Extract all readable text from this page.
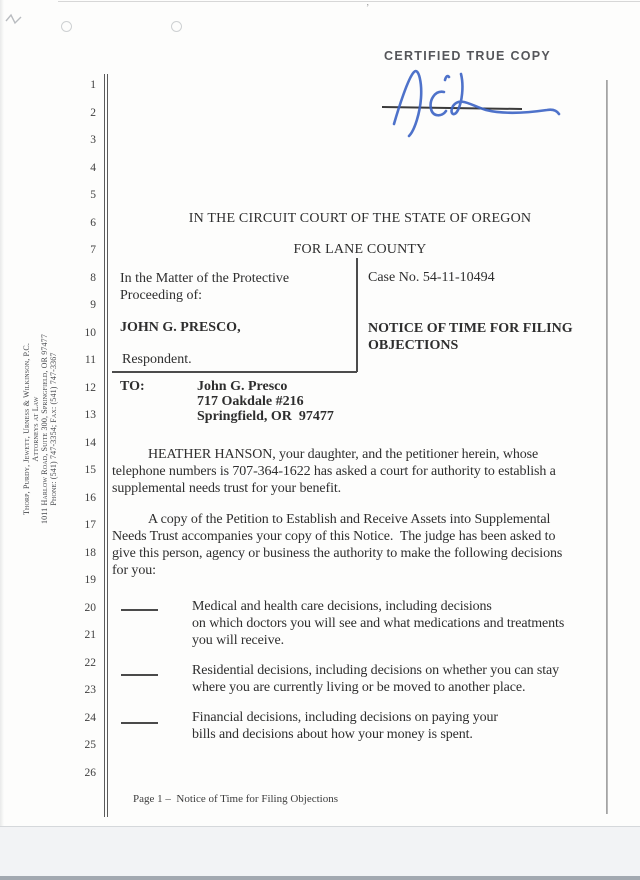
’
1
2
3
4
5
6
7
8
9
10
11
12
13
14
15
16
17
18
19
20
21
22
23
24
25
26
Thorp, Purdy, Jewett, Urness & Wilkinson, P.C. Attorneys at Law 1011 Harlow Road, Suite 300, Springfield, OR 97477 Phone: (541) 747-3354; Fax: (541) 747-3367
CERTIFIED TRUE COPY
IN THE CIRCUIT COURT OF THE STATE OF OREGON
FOR LANE COUNTY
In the Matter of the Protective
Proceeding of:
JOHN G. PRESCO,
Respondent.
Case No. 54-11-10494
NOTICE OF TIME FOR FILING
OBJECTIONS
TO:	John G. Presco
717 Oakdale #216
Springfield, OR  97477
HEATHER HANSON, your daughter, and the petitioner herein, whose
telephone numbers is 707-364-1622 has asked a court for authority to establish a
supplemental needs trust for your benefit.
A copy of the Petition to Establish and Receive Assets into Supplemental
Needs Trust accompanies your copy of this Notice.  The judge has been asked to
give this person, agency or business the authority to make the following decisions
for you:
Medical and health care decisions, including decisions
on which doctors you will see and what medications and treatments
you will receive.
Residential decisions, including decisions on whether you can stay
where you are currently living or be moved to another place.
Financial decisions, including decisions on paying your
bills and decisions about how your money is spent.
Page 1 –  Notice of Time for Filing Objections
